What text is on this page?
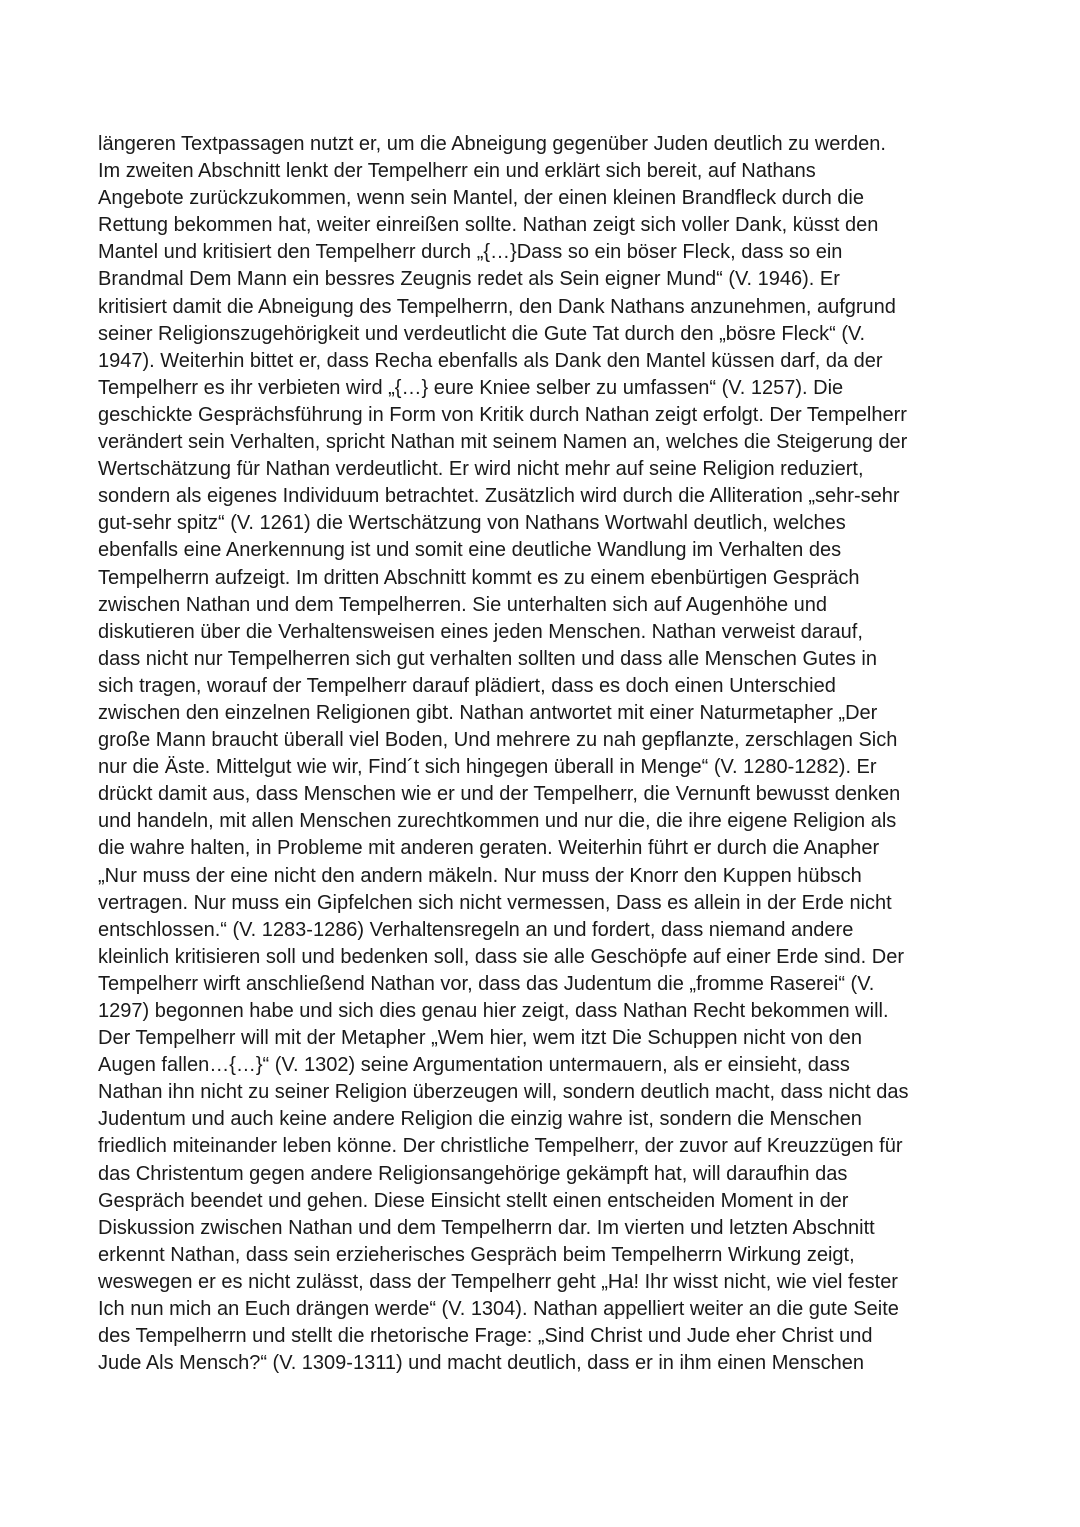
längeren Textpassagen nutzt er, um die Abneigung gegenüber Juden deutlich zu werden.
Im zweiten Abschnitt lenkt der Tempelherr ein und erklärt sich bereit, auf Nathans
Angebote zurückzukommen, wenn sein Mantel, der einen kleinen Brandfleck durch die
Rettung bekommen hat, weiter einreißen sollte. Nathan zeigt sich voller Dank, küsst den
Mantel und kritisiert den Tempelherr durch „{…}Dass so ein böser Fleck, dass so ein
Brandmal Dem Mann ein bessres Zeugnis redet als Sein eigner Mund“ (V. 1946). Er
kritisiert damit die Abneigung des Tempelherrn, den Dank Nathans anzunehmen, aufgrund
seiner Religionszugehörigkeit und verdeutlicht die Gute Tat durch den „bösre Fleck“ (V.
1947). Weiterhin bittet er, dass Recha ebenfalls als Dank den Mantel küssen darf, da der
Tempelherr es ihr verbieten wird „{…} eure Kniee selber zu umfassen“ (V. 1257). Die
geschickte Gesprächsführung in Form von Kritik durch Nathan zeigt erfolgt. Der Tempelherr
verändert sein Verhalten, spricht Nathan mit seinem Namen an, welches die Steigerung der
Wertschätzung für Nathan verdeutlicht. Er wird nicht mehr auf seine Religion reduziert,
sondern als eigenes Individuum betrachtet. Zusätzlich wird durch die Alliteration „sehr-sehr
gut-sehr spitz“ (V. 1261) die Wertschätzung von Nathans Wortwahl deutlich, welches
ebenfalls eine Anerkennung ist und somit eine deutliche Wandlung im Verhalten des
Tempelherrn aufzeigt. Im dritten Abschnitt kommt es zu einem ebenbürtigen Gespräch
zwischen Nathan und dem Tempelherren. Sie unterhalten sich auf Augenhöhe und
diskutieren über die Verhaltensweisen eines jeden Menschen. Nathan verweist darauf,
dass nicht nur Tempelherren sich gut verhalten sollten und dass alle Menschen Gutes in
sich tragen, worauf der Tempelherr darauf plädiert, dass es doch einen Unterschied
zwischen den einzelnen Religionen gibt. Nathan antwortet mit einer Naturmetapher „Der
große Mann braucht überall viel Boden, Und mehrere zu nah gepflanzte, zerschlagen Sich
nur die Äste. Mittelgut wie wir, Find´t sich hingegen überall in Menge“ (V. 1280-1282). Er
drückt damit aus, dass Menschen wie er und der Tempelherr, die Vernunft bewusst denken
und handeln, mit allen Menschen zurechtkommen und nur die, die ihre eigene Religion als
die wahre halten, in Probleme mit anderen geraten. Weiterhin führt er durch die Anapher
„Nur muss der eine nicht den andern mäkeln. Nur muss der Knorr den Kuppen hübsch
vertragen. Nur muss ein Gipfelchen sich nicht vermessen, Dass es allein in der Erde nicht
entschlossen.“ (V. 1283-1286) Verhaltensregeln an und fordert, dass niemand andere
kleinlich kritisieren soll und bedenken soll, dass sie alle Geschöpfe auf einer Erde sind. Der
Tempelherr wirft anschließend Nathan vor, dass das Judentum die „fromme Raserei“ (V.
1297) begonnen habe und sich dies genau hier zeigt, dass Nathan Recht bekommen will.
Der Tempelherr will mit der Metapher „Wem hier, wem itzt Die Schuppen nicht von den
Augen fallen…{…}“ (V. 1302) seine Argumentation untermauern, als er einsieht, dass
Nathan ihn nicht zu seiner Religion überzeugen will, sondern deutlich macht, dass nicht das
Judentum und auch keine andere Religion die einzig wahre ist, sondern die Menschen
friedlich miteinander leben könne. Der christliche Tempelherr, der zuvor auf Kreuzzügen für
das Christentum gegen andere Religionsangehörige gekämpft hat, will daraufhin das
Gespräch beendet und gehen. Diese Einsicht stellt einen entscheiden Moment in der
Diskussion zwischen Nathan und dem Tempelherrn dar. Im vierten und letzten Abschnitt
erkennt Nathan, dass sein erzieherisches Gespräch beim Tempelherrn Wirkung zeigt,
weswegen er es nicht zulässt, dass der Tempelherr geht „Ha! Ihr wisst nicht, wie viel fester
Ich nun mich an Euch drängen werde“ (V. 1304). Nathan appelliert weiter an die gute Seite
des Tempelherrn und stellt die rhetorische Frage: „Sind Christ und Jude eher Christ und
Jude Als Mensch?“ (V. 1309-1311) und macht deutlich, dass er in ihm einen Menschen
